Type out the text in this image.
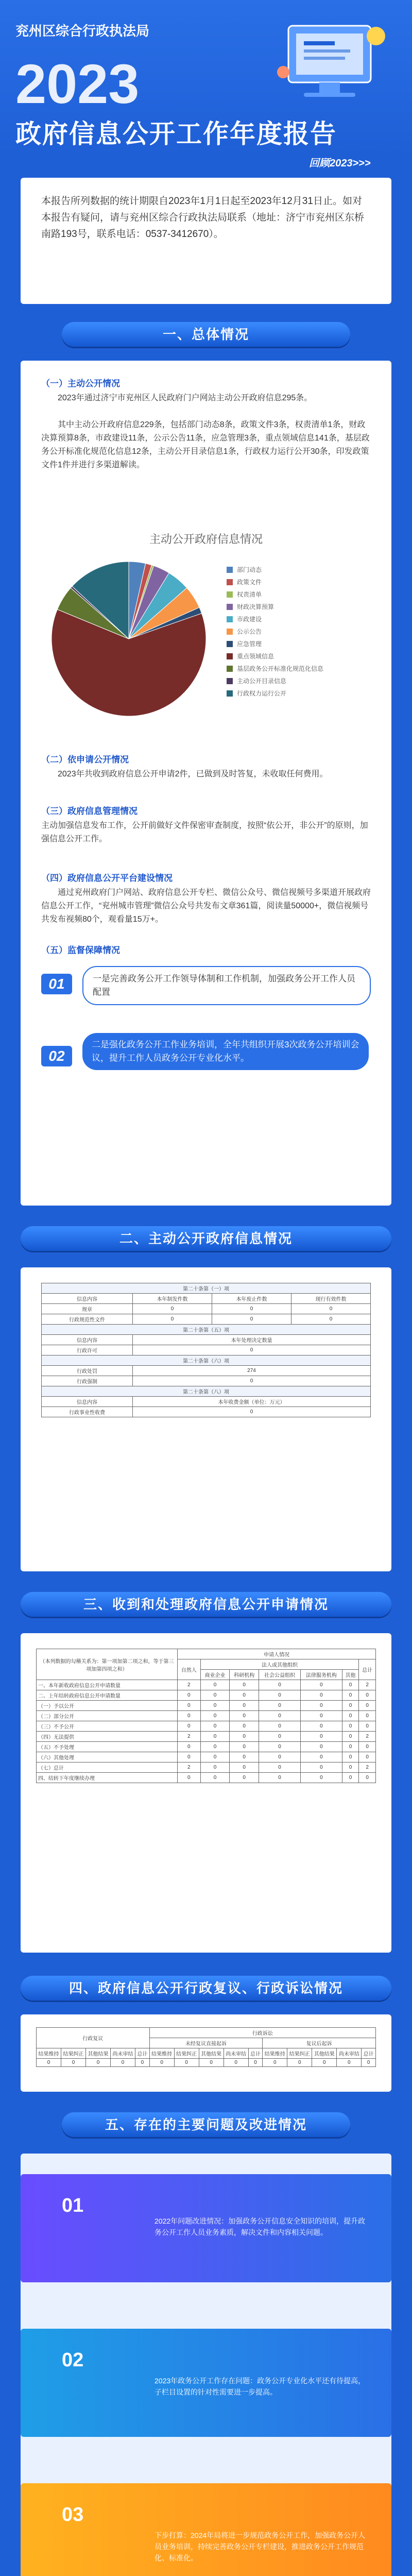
兖州区综合行政执法局
2023
政府信息公开工作年度报告
回顾2023>>>
本报告所列数据的统计期限自2023年1月1日起至2023年12月31日止。如对本报告有疑问，请与兖州区综合行政执法局联系（地址：济宁市兖州区东桥南路193号，联系电话：0537-3412670）。
一、总体情况
（一）主动公开情况
2023年通过济宁市兖州区人民政府门户网站主动公开政府信息295条。
其中主动公开政府信息229条，包括部门动态8条，政策文件3条，权责清单1条，财政决算预算8条，市政建设11条，公示公告11条，应急管理3条，重点领域信息141条，基层政务公开标准化规范化信息12条，主动公开目录信息1条，行政权力运行公开30条，印发政策文件1件并进行多渠道解读。
主动公开政府信息情况
部门动态
政策文件
权责清单
财政决算预算
市政建设
公示公告
应急管理
重点领域信息
基层政务公开标准化规范化信息
主动公开目录信息
行政权力运行公开
（二）依申请公开情况
2023年共收到政府信息公开申请2件，已做到及时答复，未收取任何费用。
（三）政府信息管理情况
主动加强信息发布工作，公开前做好文件保密审查制度，按照“依公开，非公开”的原则，加强信息公开工作。
（四）政府信息公开平台建设情况
通过兖州政府门户网站、政府信息公开专栏、微信公众号、微信视频号多渠道开展政府信息公开工作，“兖州城市管理”微信公众号共发布文章361篇，阅读量50000+，微信视频号共发布视频80个，观看量15万+。
（五）监督保障情况
01	一是完善政务公开工作领导体制和工作机制，加强政务公开工作人员配置
02
二是强化政务公开工作业务培训，全年共组织开展3次政务公开培训会议，提升工作人员政务公开专业化水平。
二、主动公开政府信息情况
第二十条第（一）项			
信息内容	本年制发件数	本年废止件数	现行有效件数
规章	0	0	0
行政规范性文件	0	0	0
第二十条第（五）项			
信息内容	本年处理决定数量		
行政许可	0		
第二十条第（六）项			
行政处罚	274		
行政强制	0		
第二十条第（八）项			
信息内容	本年收费金额（单位：万元）		
行政事业性收费	0		
三、收到和处理政府信息公开申请情况
（本列数据的勾稽关系为：第一项加第二项之和，等于第三项加第四项之和）	申请人情况						
	自然人	法人或其他组织					总计
		商业企业	科研机构	社会公益组织	法律服务机构	其他	
一、本年新收政府信息公开申请数量	2	0	0	0	0	0	2
二、上年结转政府信息公开申请数量	0	0	0	0	0	0	0
（一）予以公开	0	0	0	0	0	0	0
（二）部分公开	0	0	0	0	0	0	0
（三）不予公开	0	0	0	0	0	0	0
（四）无法提供	2	0	0	0	0	0	2
（五）不予处理	0	0	0	0	0	0	0
（六）其他处理	0	0	0	0	0	0	0
（七）总计	2	0	0	0	0	0	2
四、结转下年度继续办理	0	0	0	0	0	0	0
四、政府信息公开行政复议、行政诉讼情况
行政复议					行政诉讼									
					未经复议直接起诉					复议后起诉				
结果维持	结果纠正	其他结果	尚未审结	总计	结果维持	结果纠正	其他结果	尚未审结	总计	结果维持	结果纠正	其他结果	尚未审结	总计
0	0	0	0	0	0	0	0	0	0	0	0	0	0	0
五、存在的主要问题及改进情况
01
2022年问题改进情况：加强政务公开信息安全知识的培训，提升政务公开工作人员业务素质，解决文件和内容相关问题。
02
2023年政务公开工作存在问题：政务公开专业化水平还有待提高，子栏目设置的针对性需要进一步提高。
03
下步打算：2024年局将进一步规范政务公开工作，加强政务公开人员业务培训，持续完善政务公开专栏建设，推进政务公开工作规范化、标准化。
